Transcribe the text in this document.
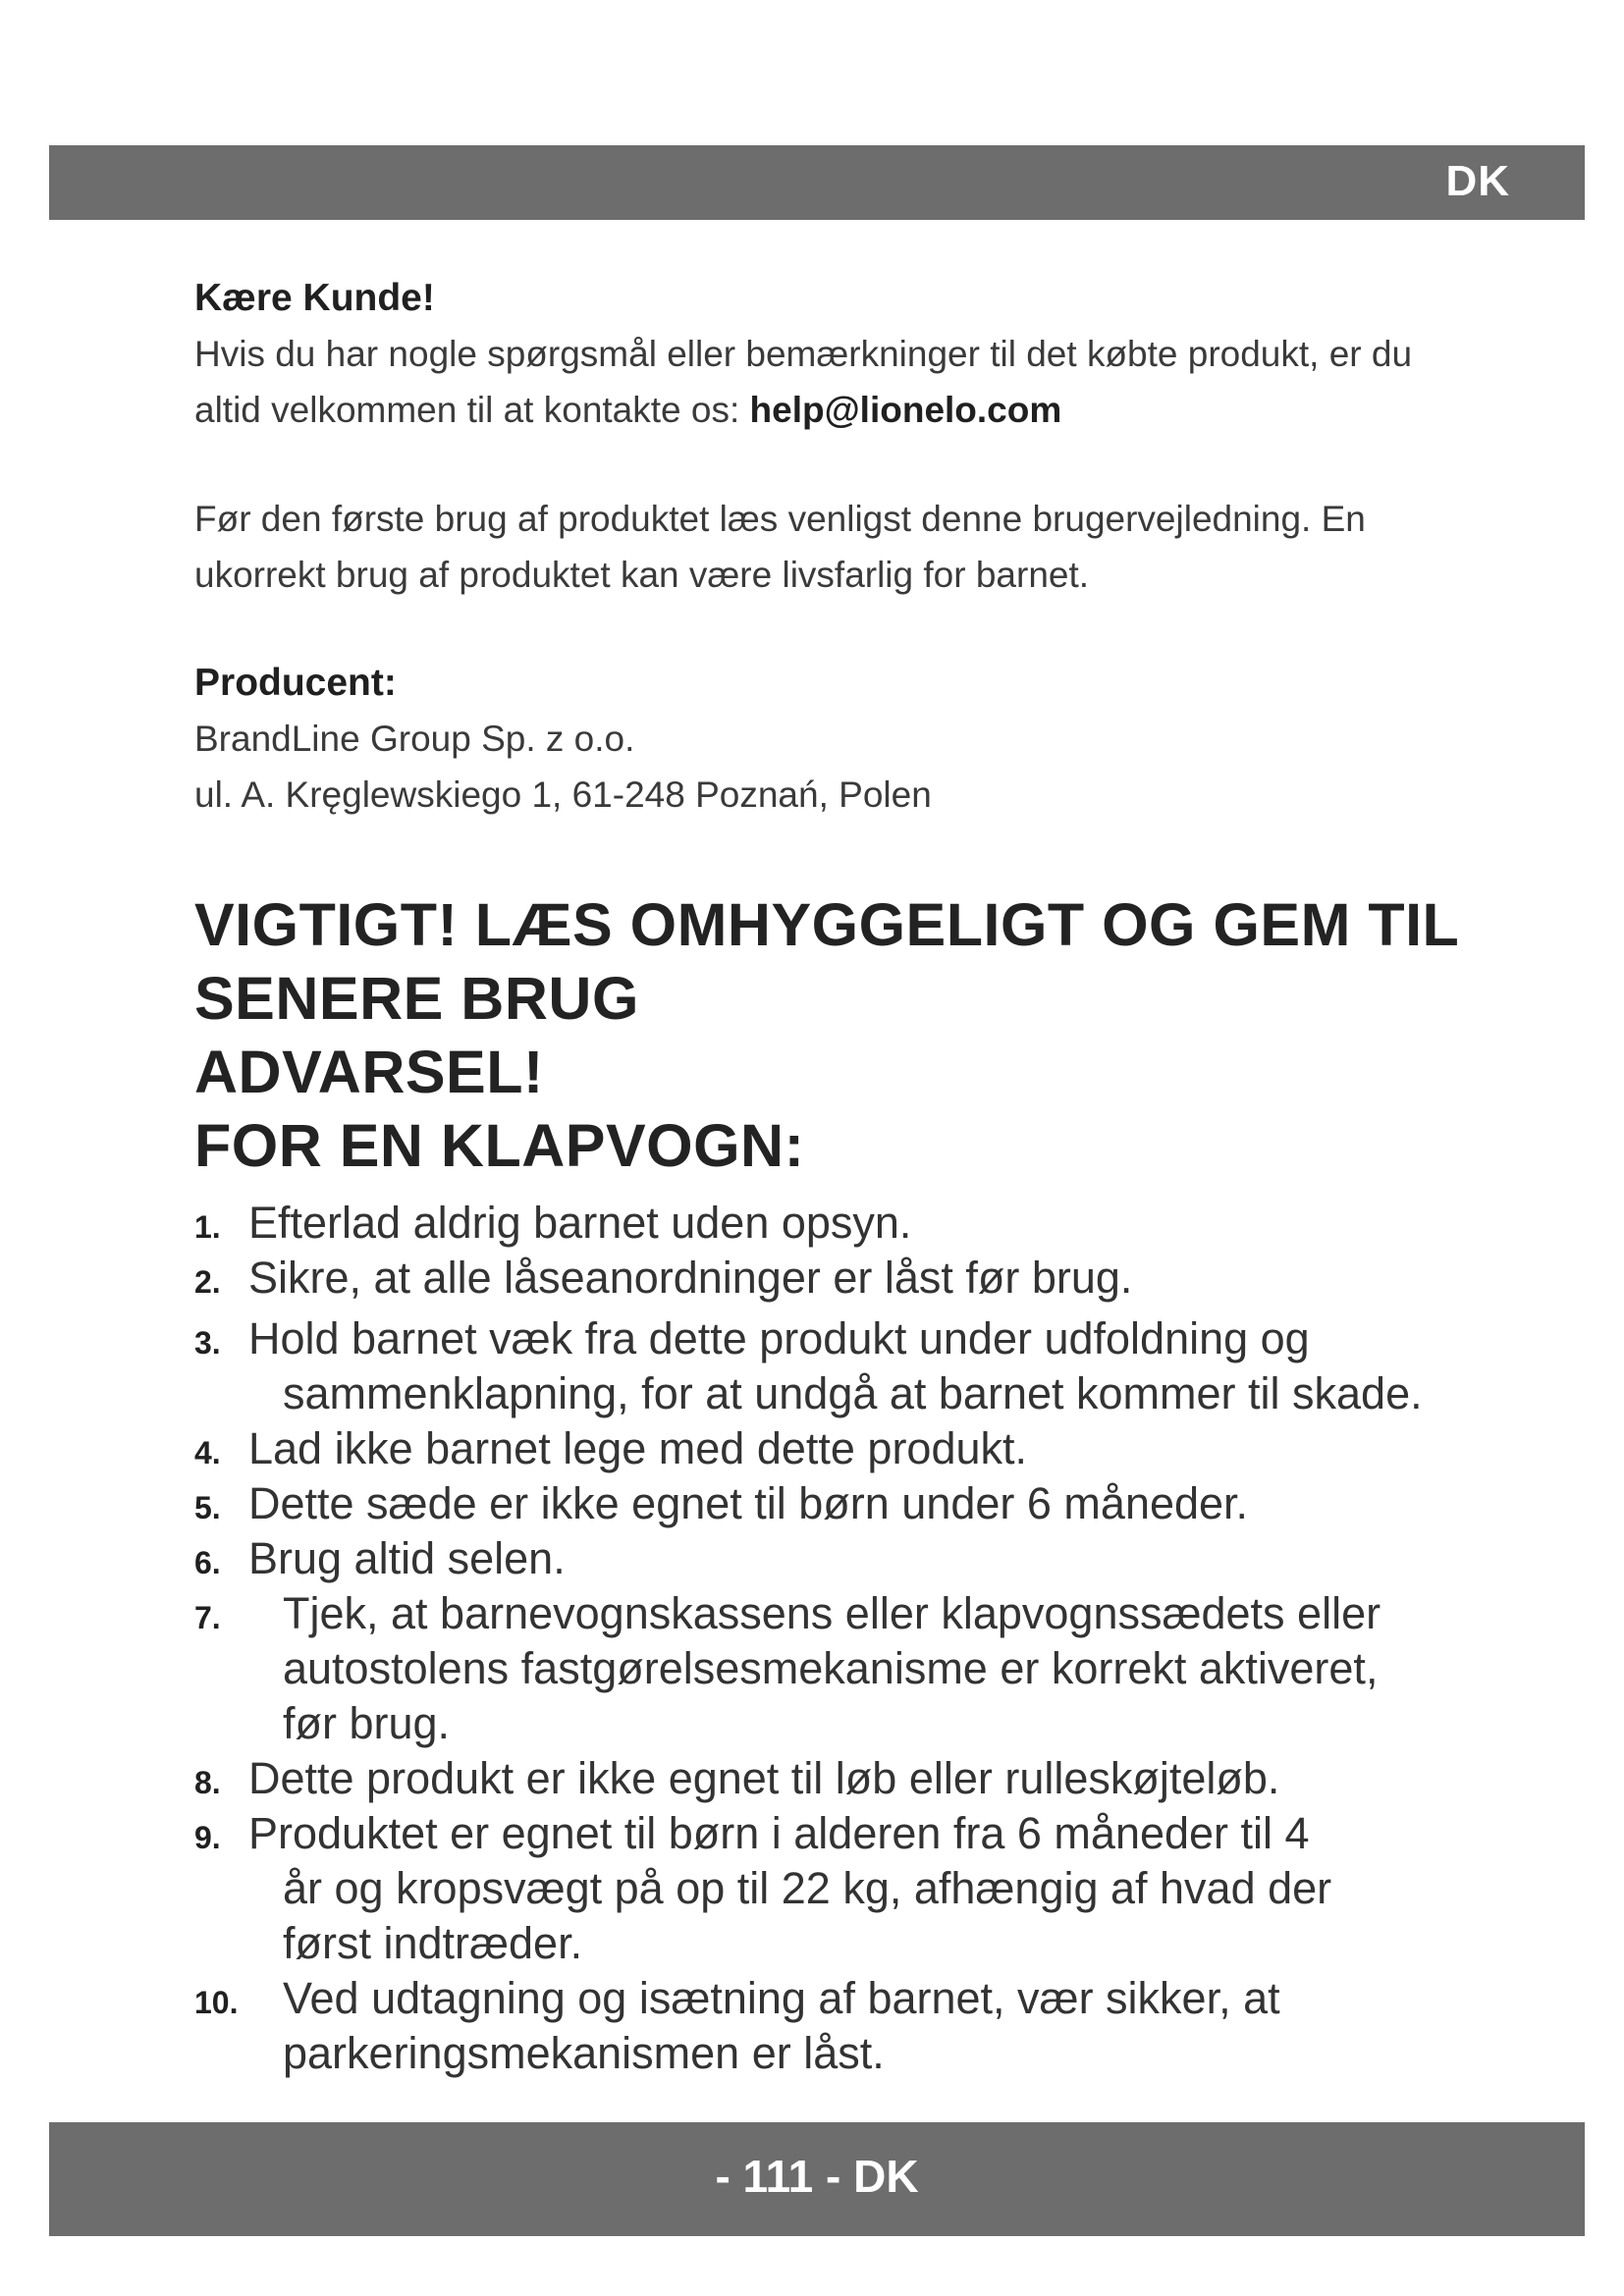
DK
Kære Kunde!
Hvis du har nogle spørgsmål eller bemærkninger til det købte produkt, er du
altid velkommen til at kontakte os: help@lionelo.com
Før den første brug af produktet læs venligst denne brugervejledning. En
ukorrekt brug af produktet kan være livsfarlig for barnet.
Producent:
BrandLine Group Sp. z o.o.
ul. A. Kręglewskiego 1, 61-248 Poznań, Polen
VIGTIGT! LÆS OMHYGGELIGT OG GEM TIL
SENERE BRUG
ADVARSEL!
FOR EN KLAPVOGN:
1. Efterlad aldrig barnet uden opsyn.
2. Sikre, at alle låseanordninger er låst før brug.
3. Hold barnet væk fra dette produkt under udfoldning og
sammenklapning, for at undgå at barnet kommer til skade.
4. Lad ikke barnet lege med dette produkt.
5. Dette sæde er ikke egnet til børn under 6 måneder.
6. Brug altid selen.
7.	Tjek, at barnevognskassens eller klapvognssædets eller
autostolens fastgørelsesmekanisme er korrekt aktiveret,
før brug.
8. Dette produkt er ikke egnet til løb eller rulleskøjteløb.
9. Produktet er egnet til børn i alderen fra 6 måneder til 4
år og kropsvægt på op til 22 kg, afhængig af hvad der
først indtræder.
10.	Ved udtagning og isætning af barnet, vær sikker, at
parkeringsmekanismen er låst.
- 111 - DK
